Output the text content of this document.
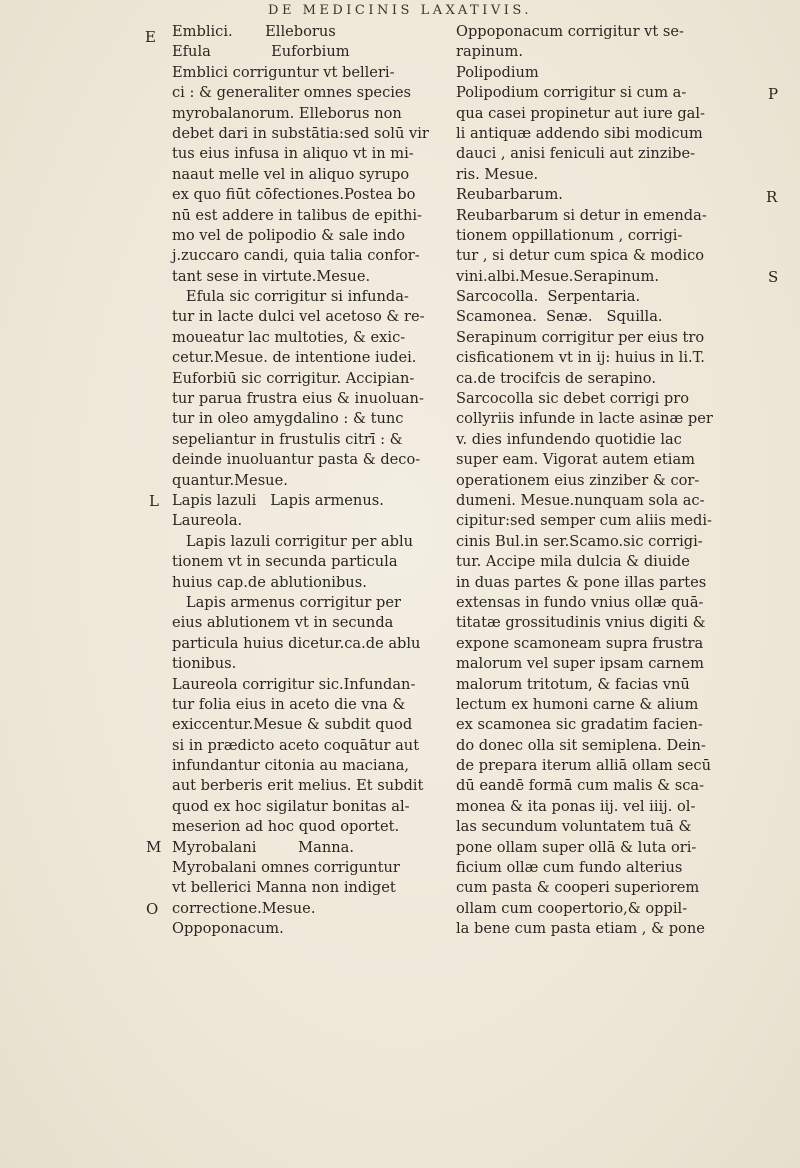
DE MEDICINIS LAXATIVIS.
E
L
M
O
P
R
S
Emblici.       Elleborus
Efula             Euforbium
Emblici corriguntur vt belleri-
ci : & generaliter omnes species
myrobalanorum. Elleborus non
debet dari in substātia:sed solū vir
tus eius infusa in aliquo vt in mi-
naaut melle vel in aliquo syrupo
ex quo fiūt cōfectiones.Postea bo
nū est addere in talibus de epithi-
mo vel de polipodio & sale indo
j.zuccaro candi, quia talia confor-
tant sese in virtute.Mesue.
Efula sic corrigitur si infunda-
tur in lacte dulci vel acetoso & re-
moueatur lac multoties, & exic-
cetur.Mesue. de intentione iudei.
Euforbiū sic corrigitur. Accipian-
tur parua frustra eius & inuoluan-
tur in oleo amygdalino : & tunc
sepeliantur in frustulis citrī : &
deinde inuoluantur pasta & deco-
quantur.Mesue.
Lapis lazuli   Lapis armenus.
Laureola.
Lapis lazuli corrigitur per ablu
tionem vt in secunda particula
huius cap.de ablutionibus.
Lapis armenus corrigitur per
eius ablutionem vt in secunda
particula huius dicetur.ca.de ablu
tionibus.
Laureola corrigitur sic.Infundan-
tur folia eius in aceto die vna &
exiccentur.Mesue & subdit quod
si in prædicto aceto coquātur aut
infundantur citonia au maciana,
aut berberis erit melius. Et subdit
quod ex hoc sigilatur bonitas al-
meserion ad hoc quod oportet.
Myrobalani         Manna.
Myrobalani omnes corriguntur
vt bellerici Manna non indiget
correctione.Mesue.
Oppoponacum.
Oppoponacum corrigitur vt se-
rapinum.
Polipodium
Polipodium corrigitur si cum a-
qua casei propinetur aut iure gal-
li antiquæ addendo sibi modicum
dauci , anisi feniculi aut zinzibe-
ris. Mesue.
Reubarbarum.
Reubarbarum si detur in emenda-
tionem oppillationum , corrigi-
tur , si detur cum spica & modico
vini.albi.Mesue.Serapinum.
Sarcocolla.  Serpentaria.
Scamonea.  Senæ.   Squilla.
Serapinum corrigitur per eius tro
cisficationem vt in ij: huius in li.T.
ca.de trocifcis de serapino.
Sarcocolla sic debet corrigi pro
collyriis infunde in lacte asinæ per
v. dies infundendo quotidie lac
super eam. Vigorat autem etiam
operationem eius zinziber & cor-
dumeni. Mesue.nunquam sola ac-
cipitur:sed semper cum aliis medi-
cinis Bul.in ser.Scamo.sic corrigi-
tur. Accipe mila dulcia & diuide
in duas partes & pone illas partes
extensas in fundo vnius ollæ quā-
titatæ grossitudinis vnius digiti &
expone scamoneam supra frustra
malorum vel super ipsam carnem
malorum tritotum, & facias vnū
lectum ex humoni carne & alium
ex scamonea sic gradatim facien-
do donec olla sit semiplena. Dein-
de prepara iterum alliā ollam secū
dū eandē formā cum malis & sca-
monea & ita ponas iij. vel iiij. ol-
las secundum voluntatem tuā &
pone ollam super ollā & luta ori-
ficium ollæ cum fundo alterius
cum pasta & cooperi superiorem
ollam cum coopertorio,& oppil-
la bene cum pasta etiam , & pone
